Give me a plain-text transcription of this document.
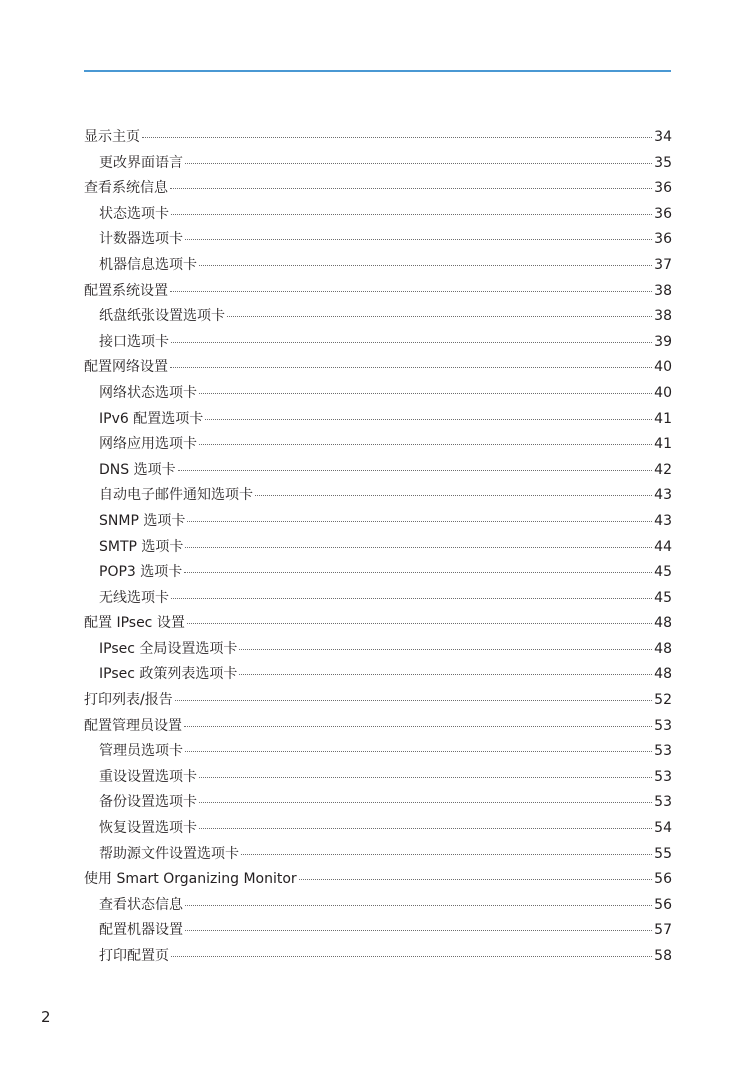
显示主页	34
更改界面语言	35
查看系统信息	36
状态选项卡	36
计数器选项卡	36
机器信息选项卡	37
配置系统设置	38
纸盘纸张设置选项卡	38
接口选项卡	39
配置网络设置	40
网络状态选项卡	40
IPv6 配置选项卡	41
网络应用选项卡	41
DNS 选项卡	42
自动电子邮件通知选项卡	43
SNMP 选项卡	43
SMTP 选项卡	44
POP3 选项卡	45
无线选项卡	45
配置 IPsec 设置	48
IPsec 全局设置选项卡	48
IPsec 政策列表选项卡	48
打印列表/报告	52
配置管理员设置	53
管理员选项卡	53
重设设置选项卡	53
备份设置选项卡	53
恢复设置选项卡	54
帮助源文件设置选项卡	55
使用 Smart Organizing Monitor	56
查看状态信息	56
配置机器设置	57
打印配置页	58
2
